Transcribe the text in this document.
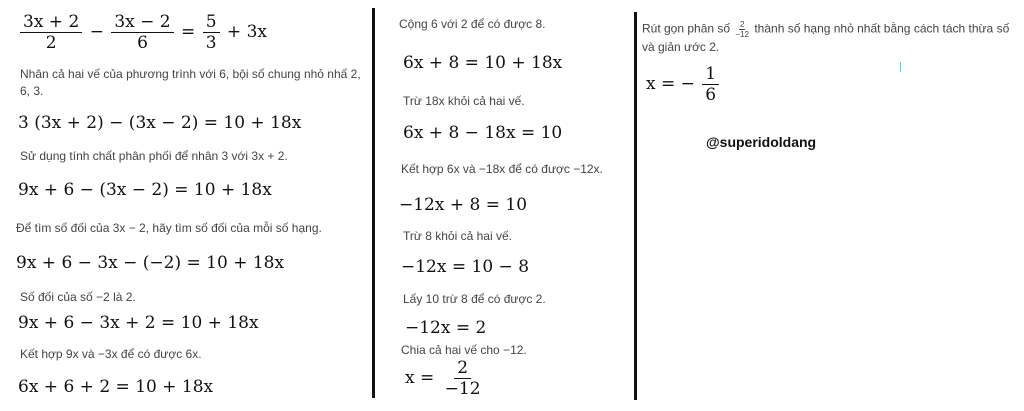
$\frac{3x + 2}{2} - \frac{3x - 2}{6} = \frac{5}{3} + 3x$
Nhân cả hai vế của phương trình với 6, bội số chung nhỏ nhấ 2, 6, 3.
3 (3x + 2) − (3x − 2) = 10 + 18x
Sử dụng tính chất phân phối để nhân 3 với 3x + 2.
9x + 6 − (3x − 2) = 10 + 18x
Để tìm số đối của 3x − 2, hãy tìm số đối của mỗi số hạng.
9x + 6 − 3x − (−2) = 10 + 18x
Số đối của số −2 là 2.
9x + 6 − 3x + 2 = 10 + 18x
Kết hợp 9x và −3x để có được 6x.
6x + 6 + 2 = 10 + 18x
Cộng 6 với 2 để có được 8.
6x + 8 = 10 + 18x
Trừ 18x khỏi cả hai vế.
6x + 8 − 18x = 10
Kết hợp 6x và −18x để có được −12x.
−12x + 8 = 10
Trừ 8 khỏi cả hai vế.
−12x = 10 − 8
Lấy 10 trừ 8 để có được 2.
−12x = 2
Chia cả hai vế cho −12.
$x = \frac{2}{-12}$
Rút gọn phân số $\frac{2}{-12}$ thành số hạng nhỏ nhất bằng cách tách thừa số
và giản ước 2.
x = − $\frac{1}{6}$
@superidoldang
